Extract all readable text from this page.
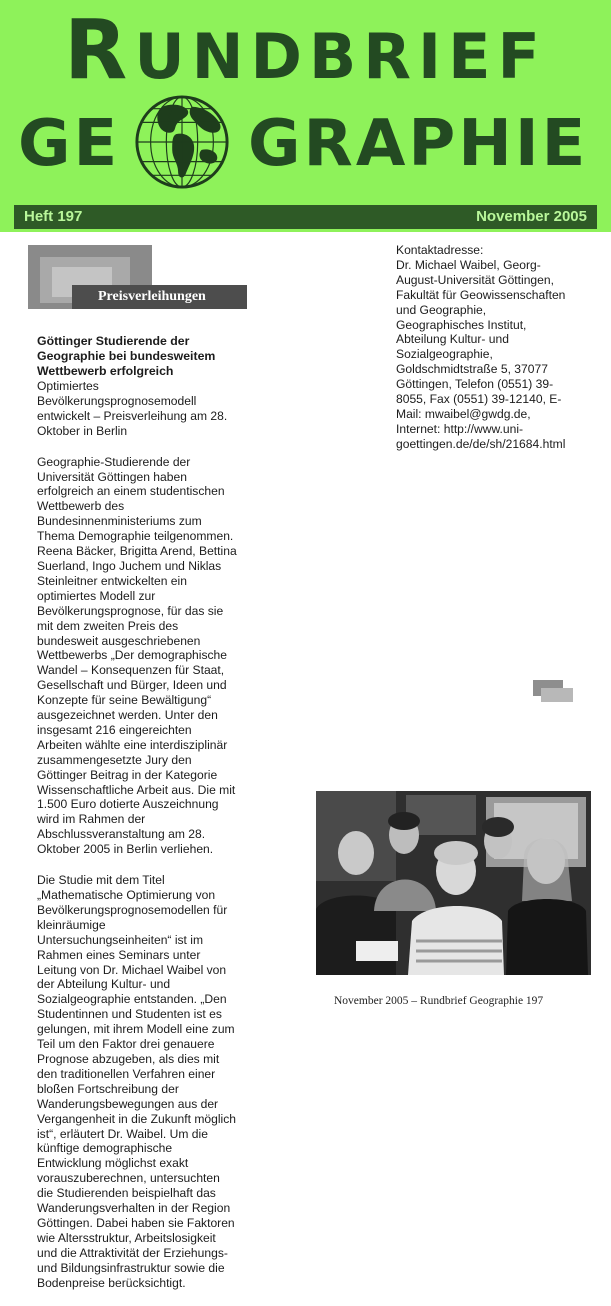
RUNDBRIEF

GE GRAPHIE
Heft 197	November 2005
Preisverleihungen

Göttinger Studierende der Geographie bei bundesweitem Wettbewerb erfolgreich

Optimiertes Bevölkerungsprognosemodell entwickelt – Preisverleihung am 28. Oktober in Berlin

Geographie-Studierende der Universität Göttingen haben erfolgreich an einem studentischen Wettbewerb des Bundesinnenministeriums zum Thema Demographie teilgenommen. Reena Bäcker, Brigitta Arend, Bettina Suerland, Ingo Juchem und Niklas Steinleitner entwickelten ein optimiertes Modell zur Bevölkerungsprognose, für das sie mit dem zweiten Preis des bundesweit ausgeschriebenen Wettbewerbs „Der demographische Wandel – Konsequenzen für Staat, Gesellschaft und Bürger, Ideen und Konzepte für seine Bewältigung“ ausgezeichnet werden. Unter den insgesamt 216 eingereichten Arbeiten wählte eine interdisziplinär zusammengesetzte Jury den Göttinger Beitrag in der Kategorie Wissenschaftliche Arbeit aus. Die mit 1.500 Euro dotierte Auszeichnung wird im Rahmen der Abschlussveranstaltung am 28. Oktober 2005 in Berlin verliehen.

Die Studie mit dem Titel „Mathematische Optimierung von Bevölkerungsprognosemodellen für kleinräumige Untersuchungseinheiten“ ist im Rahmen eines Seminars unter Leitung von Dr. Michael Waibel von der Abteilung Kultur- und Sozialgeographie entstanden. „Den Studentinnen und Studenten ist es gelungen, mit ihrem Modell eine zum Teil um den Faktor drei genauere Prognose abzugeben, als dies mit den traditionellen Verfahren einer bloßen Fortschreibung der Wanderungsbewegungen aus der Vergangenheit in die Zukunft möglich ist“, erläutert Dr. Waibel. Um die künftige demographische Entwicklung möglichst exakt vorauszuberechnen, untersuchten die Studierenden beispielhaft das Wanderungsverhalten in der Region Göttingen. Dabei haben sie Faktoren wie Altersstruktur, Arbeitslosigkeit und die Attraktivität der Erziehungs- und Bildungsinfrastruktur sowie die Bodenpreise berücksichtigt.

Kontaktadresse:

Dr. Michael Waibel, Georg-August-Universität Göttingen, Fakultät für Geowissenschaften und Geographie, Geographisches Institut, Abteilung Kultur- und Sozialgeographie, Goldschmidtstraße 5, 37077 Göttingen, Telefon (0551) 39-8055, Fax (0551) 39-12140, E-Mail: mwaibel@gwdg.de, Internet: http://www.uni-goettingen.de/de/sh/21684.html

November 2005 – Rundbrief Geographie 197
